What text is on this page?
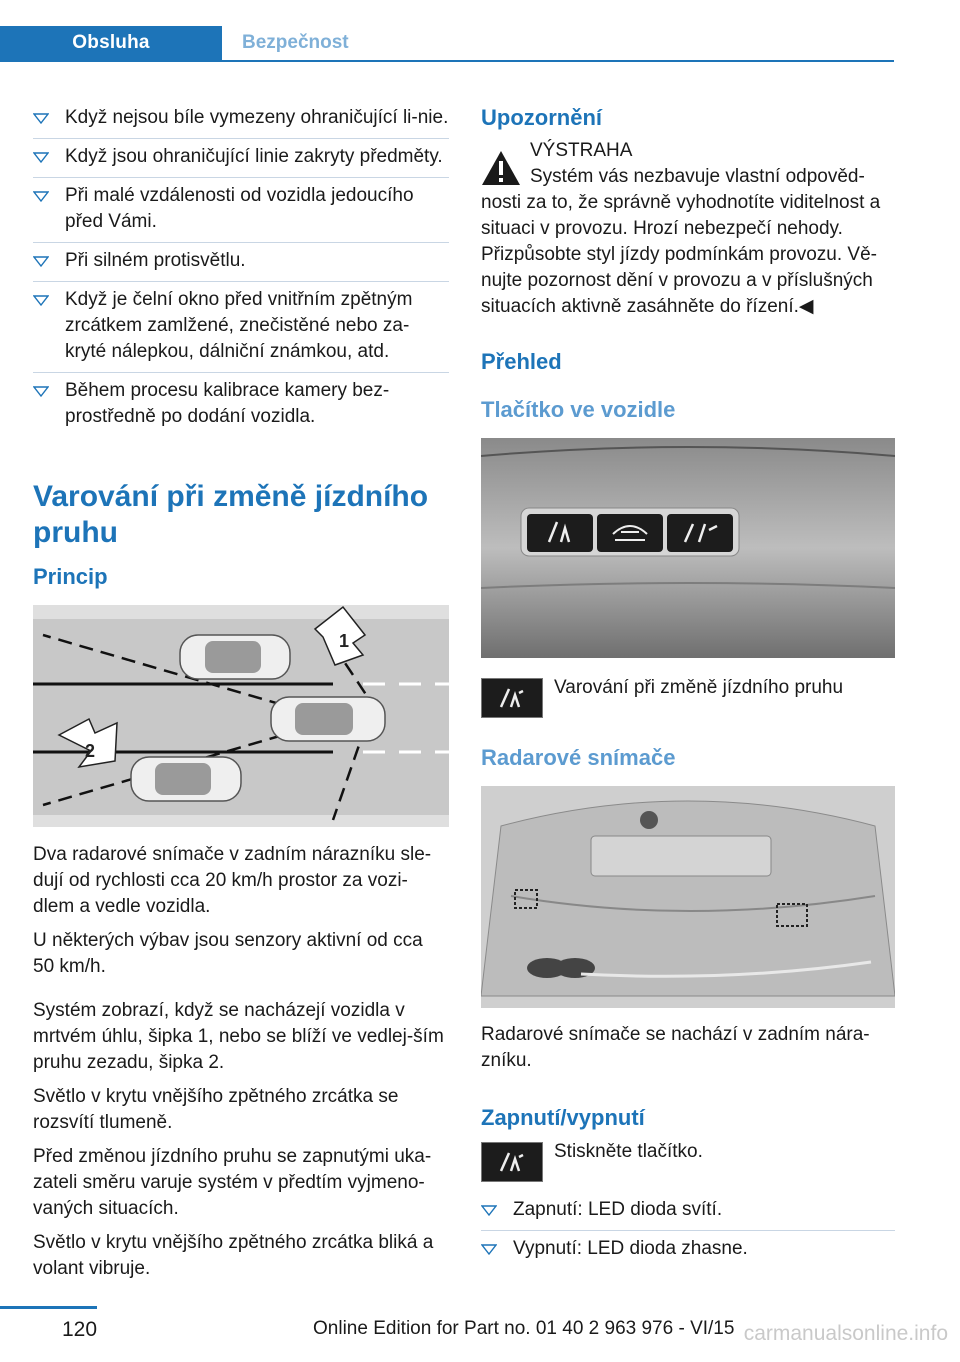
Obsluha	Bezpečnost
Když nejsou bíle vymezeny ohraničující li‐nie.
Když jsou ohraničující linie zakryty předměty.
Při malé vzdálenosti od vozidla jedoucího před Vámi.
Při silném protisvětlu.
Když je čelní okno před vnitřním zpětným zrcátkem zamlžené, znečistěné nebo za‐kryté nálepkou, dálniční známkou, atd.
Během procesu kalibrace kamery bez‐prostředně po dodání vozidla.
Varování při změně jízdního pruhu
Princip
1
2

Dva radarové snímače v zadním nárazníku sle‐dují od rychlosti cca 20 km/h prostor za vozi‐dlem a vedle vozidla.

U některých výbav jsou senzory aktivní od cca 50 km/h.

Systém zobrazí, když se nacházejí vozidla v mrtvém úhlu, šipka 1, nebo se blíží ve vedlej‐ším pruhu zezadu, šipka 2.

Světlo v krytu vnějšího zpětného zrcátka se rozsvítí tlumeně.

Před změnou jízdního pruhu se zapnutými uka‐zateli směru varuje systém v předtím vyjmeno‐vaných situacích.

Světlo v krytu vnějšího zpětného zrcátka bliká a volant vibruje.

Upozornění

VÝSTRAHA

Systém vás nezbavuje vlastní odpověd‐

nosti za to, že správně vyhodnotíte viditelnost a situaci v provozu. Hrozí nebezpečí nehody. Přizpůsobte styl jízdy podmínkám provozu. Vě‐nujte pozornost dění v provozu a v příslušných situacích aktivně zasáhněte do řízení.◀

Přehled
Tlačítko ve vozidle

Varování při změně jízdního pruhu

Radarové snímače

Radarové snímače se nachází v zadním nára‐zníku.

Zapnutí/vypnutí

Stiskněte tlačítko.

Zapnutí: LED dioda svítí.
Vypnutí: LED dioda zhasne.
120	Online Edition for Part no. 01 40 2 963 976 - VI/15 carmanualsonline.info
